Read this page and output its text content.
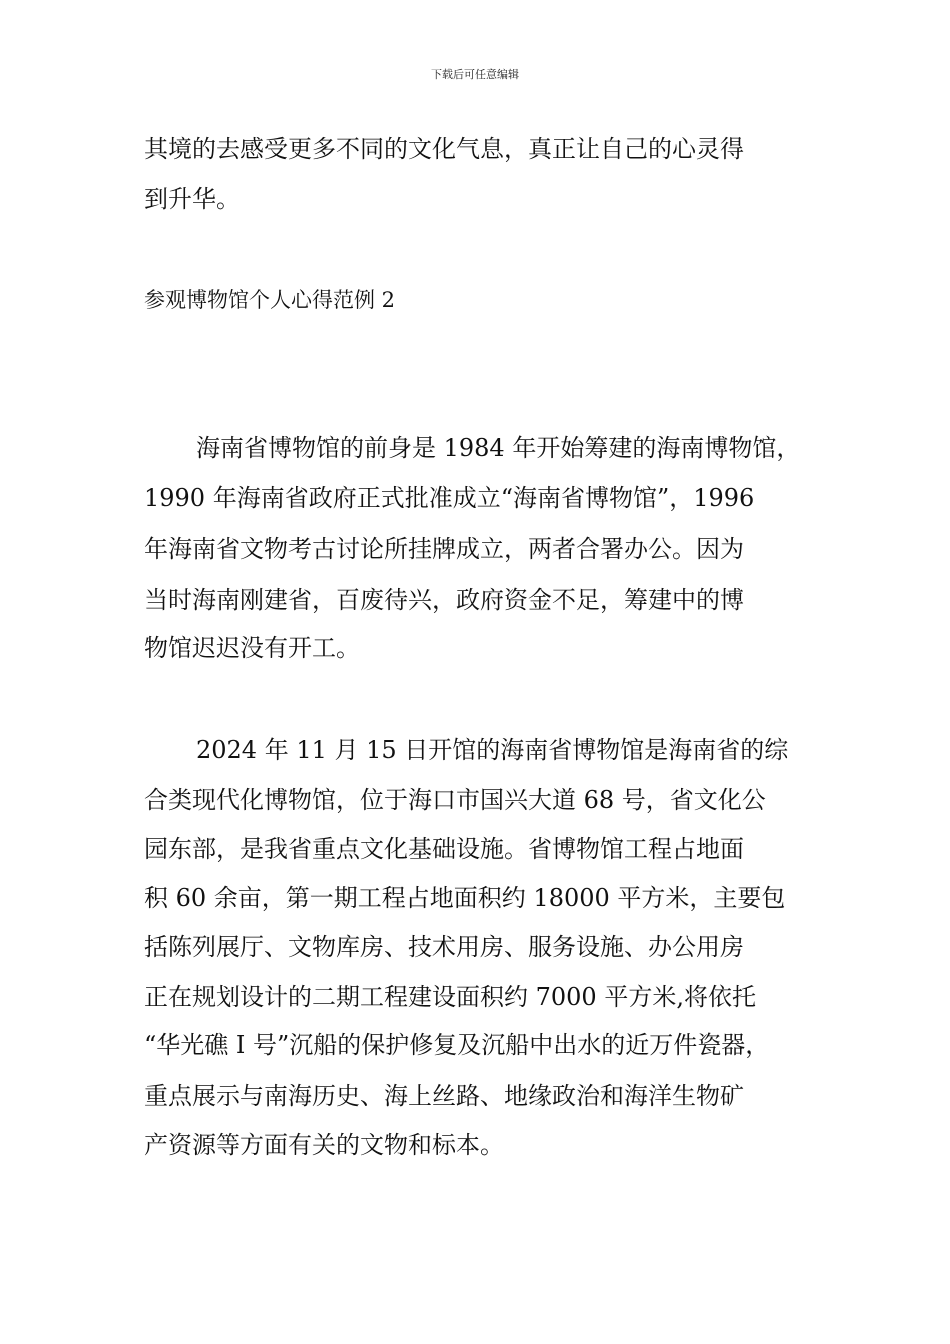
下载后可任意编辑
其境的去感受更多不同的文化气息，真正让自己的心灵得
到升华。
参观博物馆个人心得范例 2
海南省博物馆的前身是 1984 年开始筹建的海南博物馆，
1990 年海南省政府正式批准成立“海南省博物馆”，1996
年海南省文物考古讨论所挂牌成立，两者合署办公。因为
当时海南刚建省，百废待兴，政府资金不足，筹建中的博
物馆迟迟没有开工。
2024 年 11 月 15 日开馆的海南省博物馆是海南省的综
合类现代化博物馆，位于海口市国兴大道 68 号，省文化公
园东部，是我省重点文化基础设施。省博物馆工程占地面
积 60 余亩，第一期工程占地面积约 18000 平方米，主要包
括陈列展厅、文物库房、技术用房、服务设施、办公用房
正在规划设计的二期工程建设面积约 7000 平方米,将依托
“华光礁 I 号”沉船的保护修复及沉船中出水的近万件瓷器，
重点展示与南海历史、海上丝路、地缘政治和海洋生物矿
产资源等方面有关的文物和标本。
